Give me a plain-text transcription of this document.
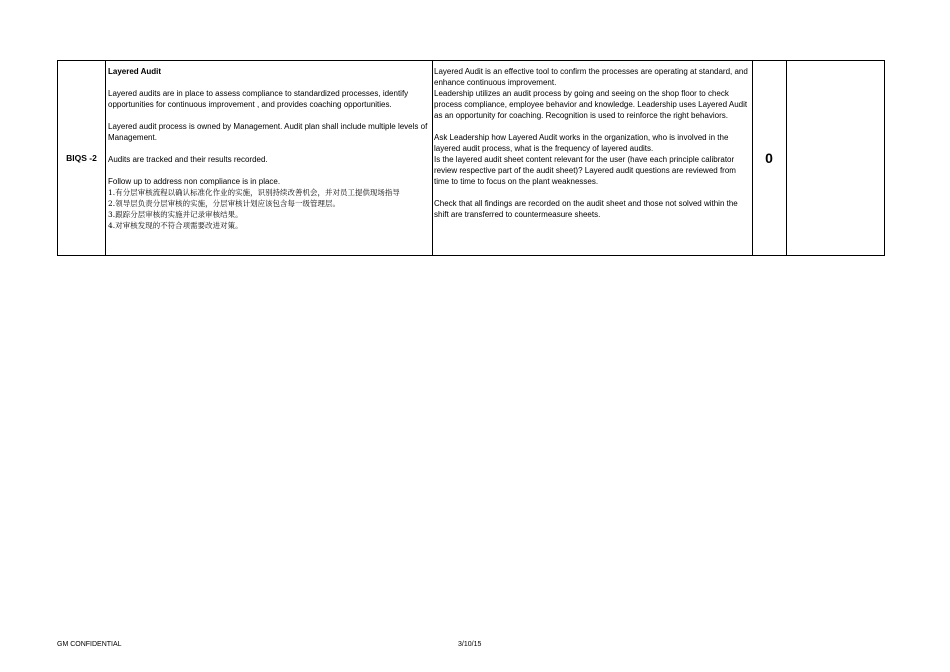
BIQS -2

Layered Audit

Layered audits are in place to assess compliance to standardized processes, identify opportunities for continuous improvement , and provides coaching opportunities.

Layered audit process is owned by Management. Audit plan shall include multiple levels of Management.

Audits are tracked and their results recorded.

Follow up to address non compliance is in place.

1.有分层审核流程以确认标准化作业的实施，识别持续改善机会，并对员工提供现场指导

2.领导层负责分层审核的实施，分层审核计划应该包含每一级管理层。

3.跟踪分层审核的实施并记录审核结果。

4.对审核发现的不符合项需要改进对策。

Layered Audit is an effective tool to confirm the processes are operating at standard, and enhance continuous improvement.

Leadership utilizes an audit process by going and seeing on the shop floor to check process compliance, employee behavior and knowledge. Leadership uses Layered Audit as an opportunity for coaching. Recognition is used to reinforce the right behaviors.

Ask Leadership how Layered Audit works in the organization, who is involved in the layered audit process, what is the frequency of layered audits.

Is the layered audit sheet content relevant for the user (have each principle calibrator review respective part of the audit sheet)? Layered audit questions are reviewed from time to time to focus on the plant weaknesses.

Check that all findings are recorded on the audit sheet and those not solved within the shift are transferred to countermeasure sheets.

0
GM CONFIDENTIAL	3/10/15
